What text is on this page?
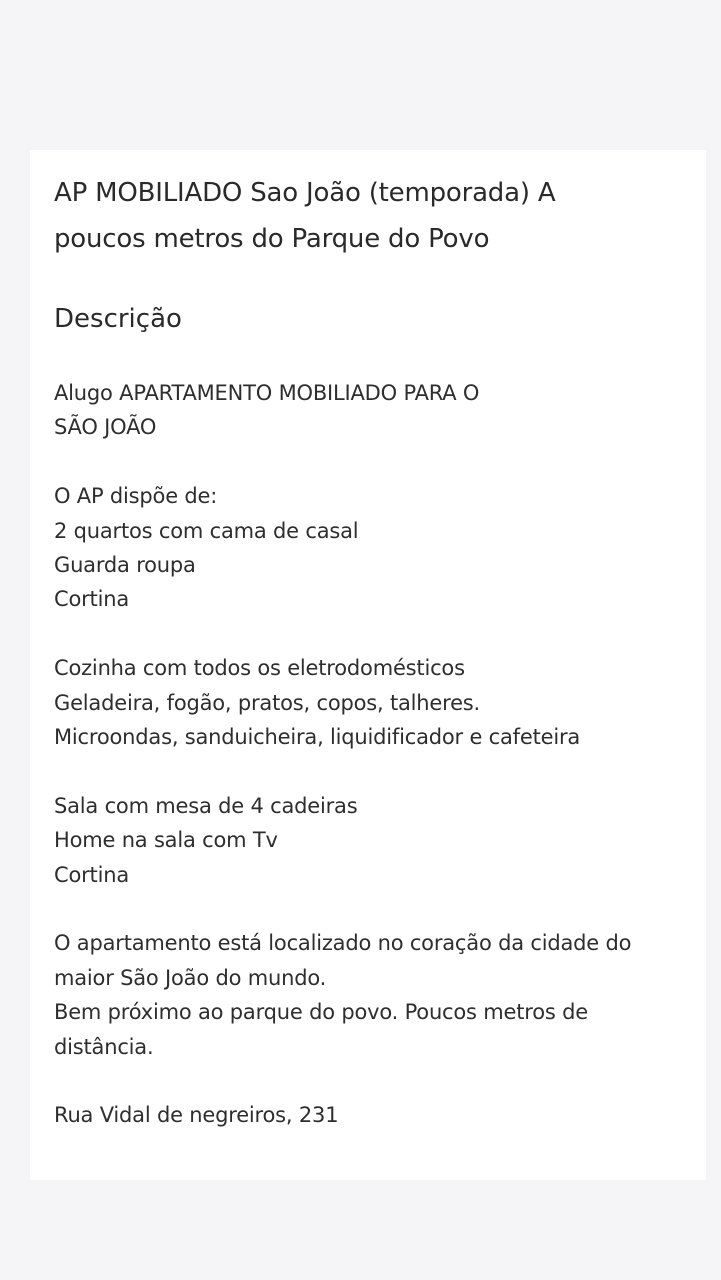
AP MOBILIADO Sao João (temporada) A
poucos metros do Parque do Povo
Descrição

Alugo APARTAMENTO MOBILIADO PARA O
SÃO JOÃO

O AP dispõe de:
2 quartos com cama de casal
Guarda roupa
Cortina

Cozinha com todos os eletrodomésticos
Geladeira, fogão, pratos, copos, talheres.
Microondas, sanduicheira, liquidificador e cafeteira

Sala com mesa de 4 cadeiras
Home na sala com Tv
Cortina

O apartamento está localizado no coração da cidade do
maior São João do mundo.
Bem próximo ao parque do povo. Poucos metros de
distância.

Rua Vidal de negreiros, 231
